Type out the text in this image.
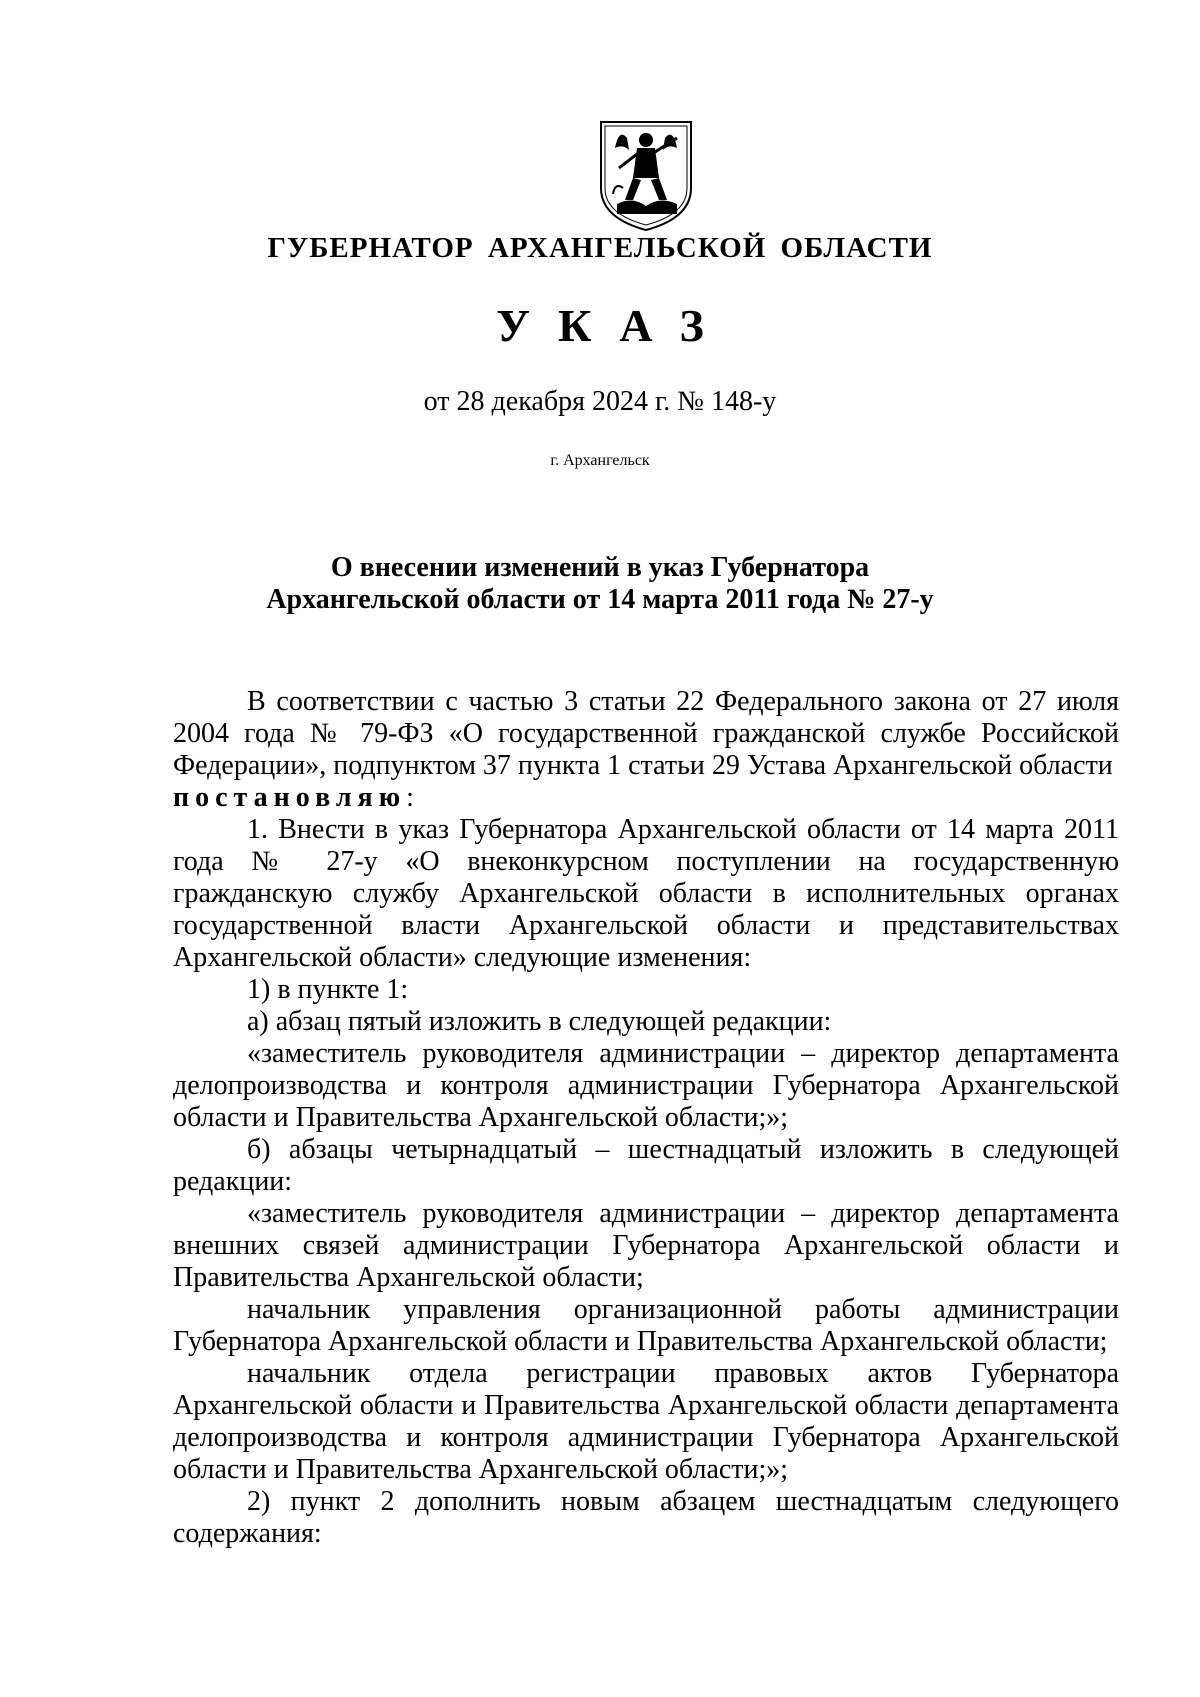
ГУБЕРНАТОР АРХАНГЕЛЬСКОЙ ОБЛАСТИ
УКАЗ
от 28 декабря 2024 г. № 148-у
г. Архангельск
О внесении изменений в указ Губернатора
Архангельской области от 14 марта 2011 года № 27-у

В соответствии с частью 3 статьи 22 Федерального закона от 27 июля 2004 года № 79-ФЗ «О государственной гражданской службе Российской Федерации», подпунктом 37 пункта 1 статьи 29 Устава Архангельской области

постановляю:

1. Внести в указ Губернатора Архангельской области от 14 марта 2011 года № 27-у «О внеконкурсном поступлении на государственную гражданскую службу Архангельской области в исполнительных органах государственной власти Архангельской области и представительствах Архангельской области» следующие изменения:

1) в пункте 1:

а) абзац пятый изложить в следующей редакции:

«заместитель руководителя администрации – директор департамента делопроизводства и контроля администрации Губернатора Архангельской области и Правительства Архангельской области;»;

б) абзацы четырнадцатый – шестнадцатый изложить в следующей редакции:

«заместитель руководителя администрации – директор департамента внешних связей администрации Губернатора Архангельской области и Правительства Архангельской области;

начальник управления организационной работы администрации Губернатора Архангельской области и Правительства Архангельской области;

начальник отдела регистрации правовых актов Губернатора Архангельской области и Правительства Архангельской области департамента делопроизводства и контроля администрации Губернатора Архангельской области и Правительства Архангельской области;»;

2) пункт 2 дополнить новым абзацем шестнадцатым следующего содержания:
